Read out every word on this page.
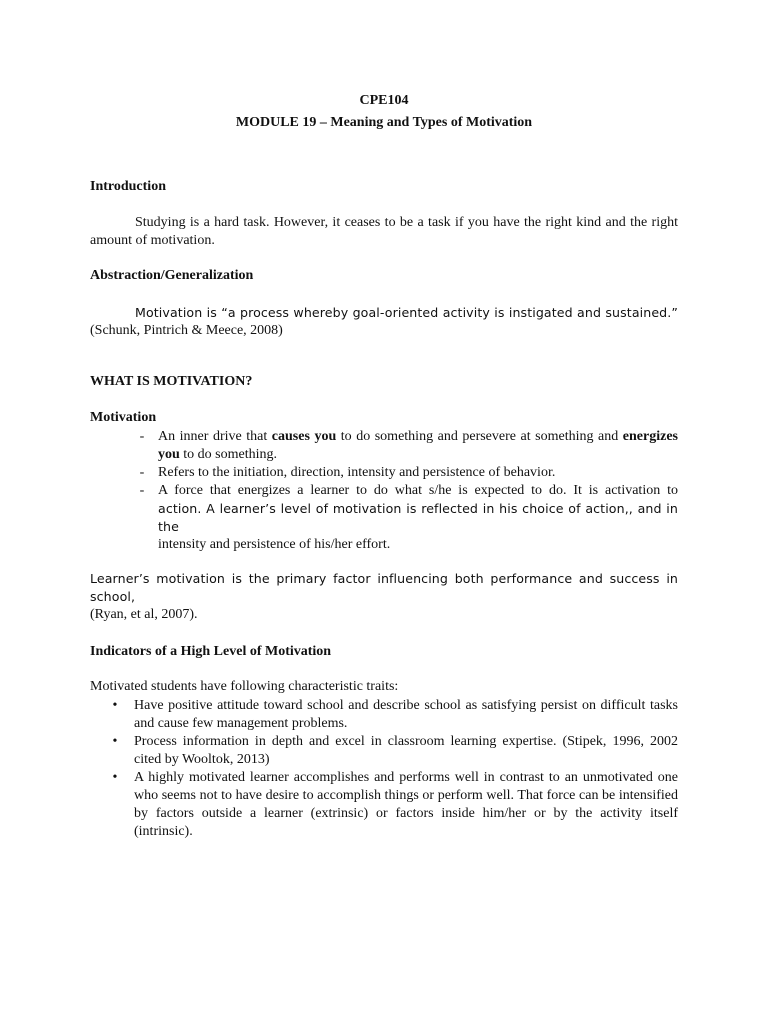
CPE104
MODULE 19 – Meaning and Types of Motivation
Introduction
Studying is a hard task. However, it ceases to be a task if you have the right kind and the right amount of motivation.
Abstraction/Generalization
Motivation is “a process whereby goal-oriented activity is instigated and sustained.”
(Schunk, Pintrich & Meece, 2008)
WHAT IS MOTIVATION?
Motivation
- An inner drive that causes you to do something and persevere at something and energizes you to do something.
- Refers to the initiation, direction, intensity and persistence of behavior.
- A force that energizes a learner to do what s/he is expected to do. It is activation to
action. A learner’s level of motivation is reflected in his choice of action,, and in the
intensity and persistence of his/her effort.
Learner’s motivation is the primary factor influencing both performance and success in school,
(Ryan, et al, 2007).
Indicators of a High Level of Motivation
Motivated students have following characteristic traits:
• Have positive attitude toward school and describe school as satisfying persist on difficult tasks and cause few management problems.
• Process information in depth and excel in classroom learning expertise. (Stipek, 1996, 2002 cited by Wooltok, 2013)
• A highly motivated learner accomplishes and performs well in contrast to an unmotivated one who seems not to have desire to accomplish things or perform well. That force can be intensified by factors outside a learner (extrinsic) or factors inside him/her or by the activity itself (intrinsic).
